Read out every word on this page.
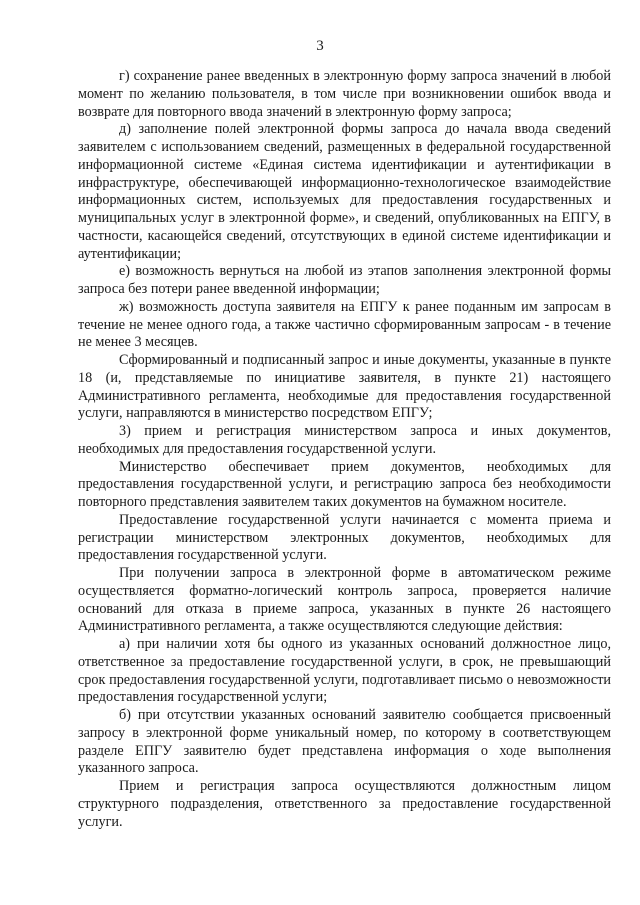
3

г) сохранение ранее введенных в электронную форму запроса значений в любой момент по желанию пользователя, в том числе при возникновении ошибок ввода и возврате для повторного ввода значений в электронную форму запроса;

д) заполнение полей электронной формы запроса до начала ввода сведений заявителем с использованием сведений, размещенных в федеральной государственной информационной системе «Единая система идентификации и аутентификации в инфраструктуре, обеспечивающей информационно-технологическое взаимодействие информационных систем, используемых для предоставления государственных и муниципальных услуг в электронной форме», и сведений, опубликованных на ЕПГУ, в частности, касающейся сведений, отсутствующих в единой системе идентификации и аутентификации;

е) возможность вернуться на любой из этапов заполнения электронной формы запроса без потери ранее введенной информации;

ж) возможность доступа заявителя на ЕПГУ к ранее поданным им запросам в течение не менее одного года, а также частично сформированным запросам - в течение не менее 3 месяцев.

Сформированный и подписанный запрос и иные документы, указанные в пункте 18 (и, представляемые по инициативе заявителя, в пункте 21) настоящего Административного регламента, необходимые для предоставления государственной услуги, направляются в министерство посредством ЕПГУ;

3) прием и регистрация министерством запроса и иных документов, необходимых для предоставления государственной услуги.

Министерство обеспечивает прием документов, необходимых для предоставления государственной услуги, и регистрацию запроса без необходимости повторного представления заявителем таких документов на бумажном носителе.

Предоставление государственной услуги начинается с момента приема и регистрации министерством электронных документов, необходимых для предоставления государственной услуги.

При получении запроса в электронной форме в автоматическом режиме осуществляется форматно-логический контроль запроса, проверяется наличие оснований для отказа в приеме запроса, указанных в пункте 26 настоящего Административного регламента, а также осуществляются следующие действия:

а) при наличии хотя бы одного из указанных оснований должностное лицо, ответственное за предоставление государственной услуги, в срок, не превышающий срок предоставления государственной услуги, подготавливает письмо о невозможности предоставления государственной услуги;

б) при отсутствии указанных оснований заявителю сообщается присвоенный запросу в электронной форме уникальный номер, по которому в соответствующем разделе ЕПГУ заявителю будет представлена информация о ходе выполнения указанного запроса.

Прием и регистрация запроса осуществляются должностным лицом структурного подразделения, ответственного за предоставление государственной услуги.
